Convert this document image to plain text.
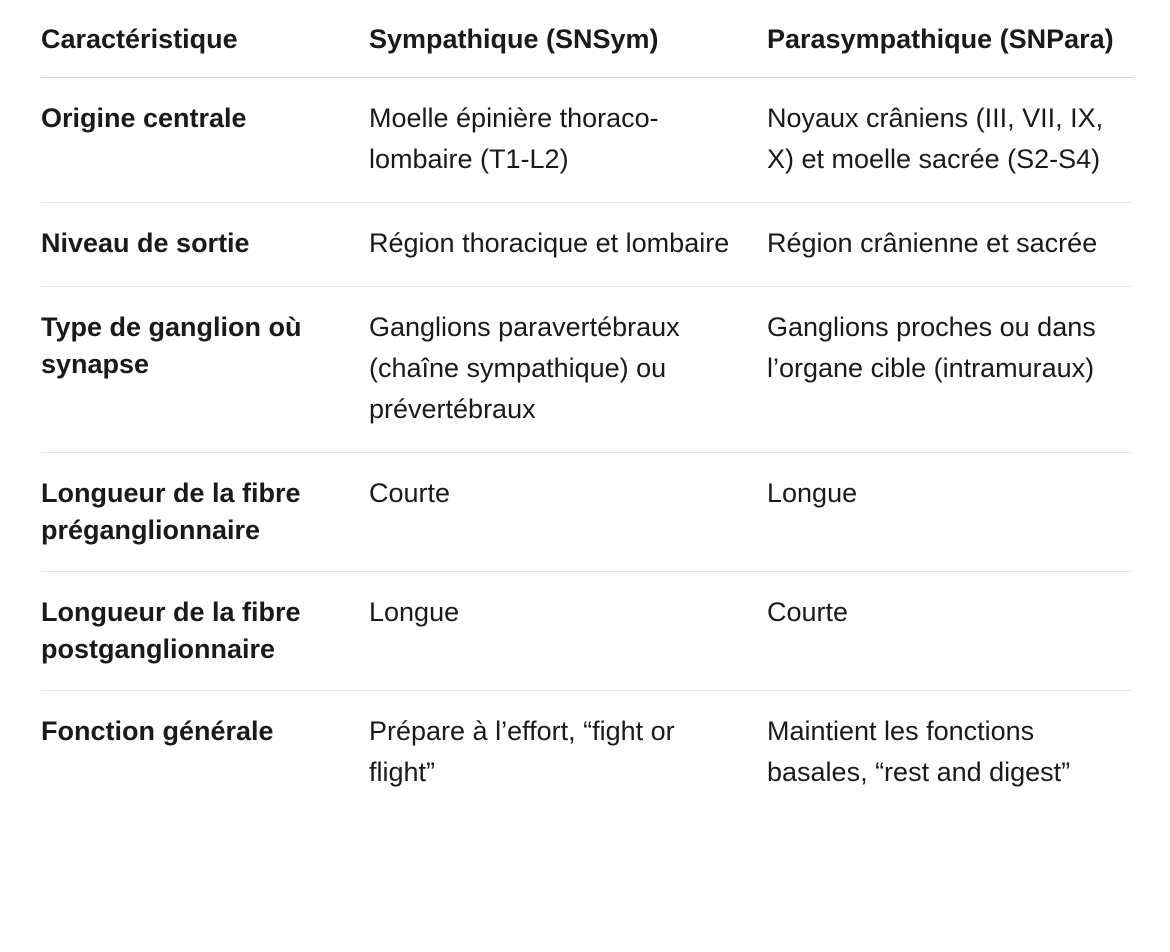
Caractéristique	Sympathique (SNSym)	Parasympathique (SNPara)
Origine centrale	Moelle épinière thoraco-lombaire (T1-L2)	Noyaux crâniens (III, VII, IX, X) et moelle sacrée (S2-S4)
Niveau de sortie	Région thoracique et lombaire	Région crânienne et sacrée
Type de ganglion où synapse	Ganglions paravertébraux (chaîne sympathique) ou prévertébraux	Ganglions proches ou dans l’organe cible (intramuraux)
Longueur de la fibre préganglionnaire	Courte	Longue
Longueur de la fibre postganglionnaire	Longue	Courte
Fonction générale	Prépare à l’effort, “fight or flight”	Maintient les fonctions basales, “rest and digest”
